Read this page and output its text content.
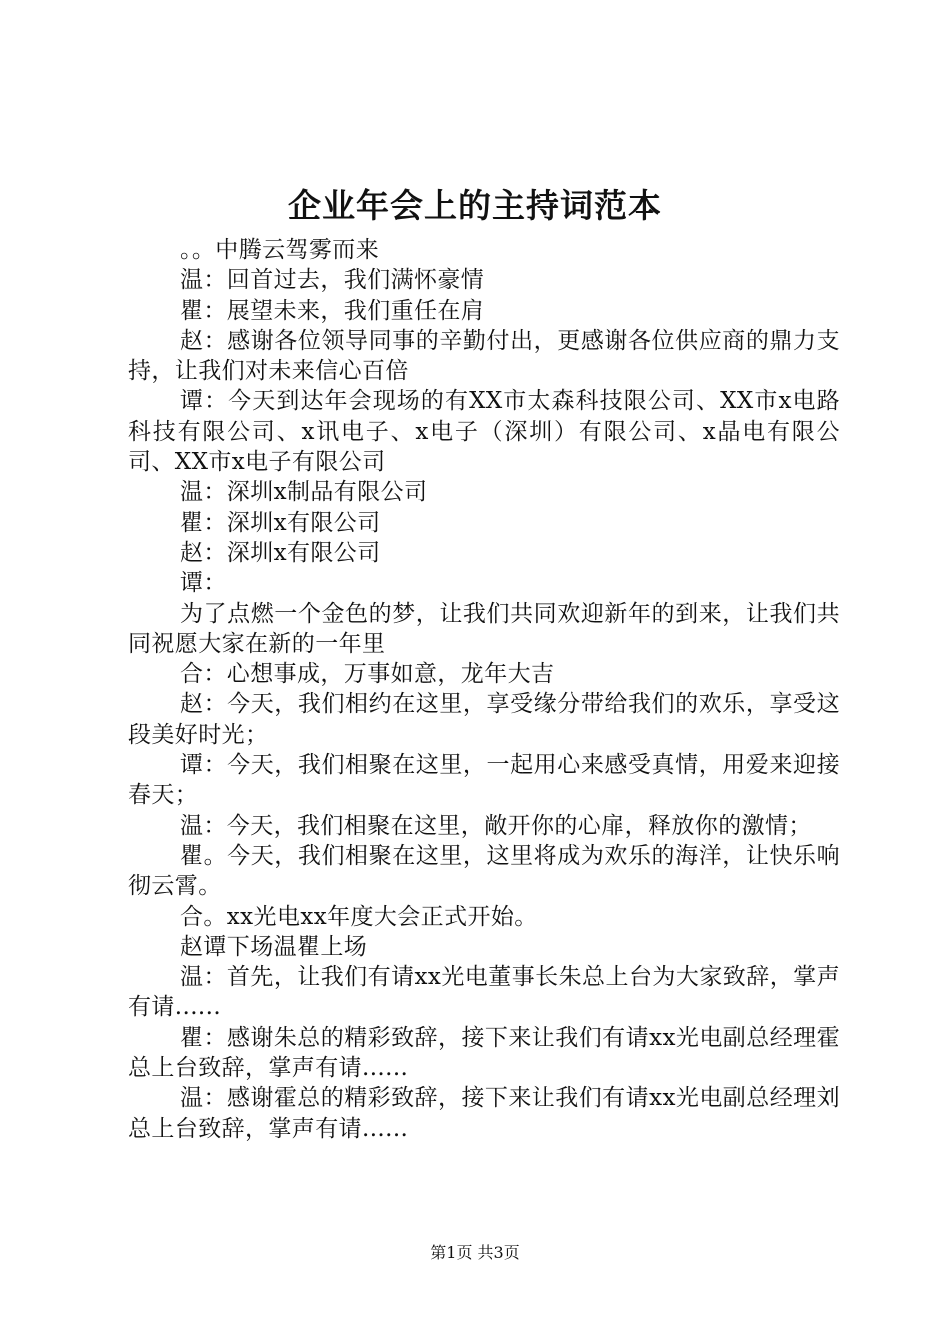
企业年会上的主持词范本

。。中腾云驾雾而来

温：回首过去，我们满怀豪情

瞿：展望未来，我们重任在肩

赵：感谢各位领导同事的辛勤付出，更感谢各位供应商的鼎力支持，让我们对未来信心百倍

谭：今天到达年会现场的有XX市太森科技限公司、XX市x电路科技有限公司、x讯电子、x电子（深圳）有限公司、x晶电有限公司、XX市x电子有限公司

温：深圳x制品有限公司

瞿：深圳x有限公司

赵：深圳x有限公司

谭：

为了点燃一个金色的梦，让我们共同欢迎新年的到来，让我们共同祝愿大家在新的一年里

合：心想事成，万事如意，龙年大吉

赵：今天，我们相约在这里，享受缘分带给我们的欢乐，享受这段美好时光；

谭：今天，我们相聚在这里，一起用心来感受真情，用爱来迎接春天；

温：今天，我们相聚在这里，敞开你的心扉，释放你的激情；

瞿。今天，我们相聚在这里，这里将成为欢乐的海洋，让快乐响彻云霄。

合。xx光电xx年度大会正式开始。

赵谭下场温瞿上场

温：首先，让我们有请xx光电董事长朱总上台为大家致辞，掌声有请......

瞿：感谢朱总的精彩致辞，接下来让我们有请xx光电副总经理霍总上台致辞，掌声有请......

温：感谢霍总的精彩致辞，接下来让我们有请xx光电副总经理刘总上台致辞，掌声有请......

第1页 共3页
